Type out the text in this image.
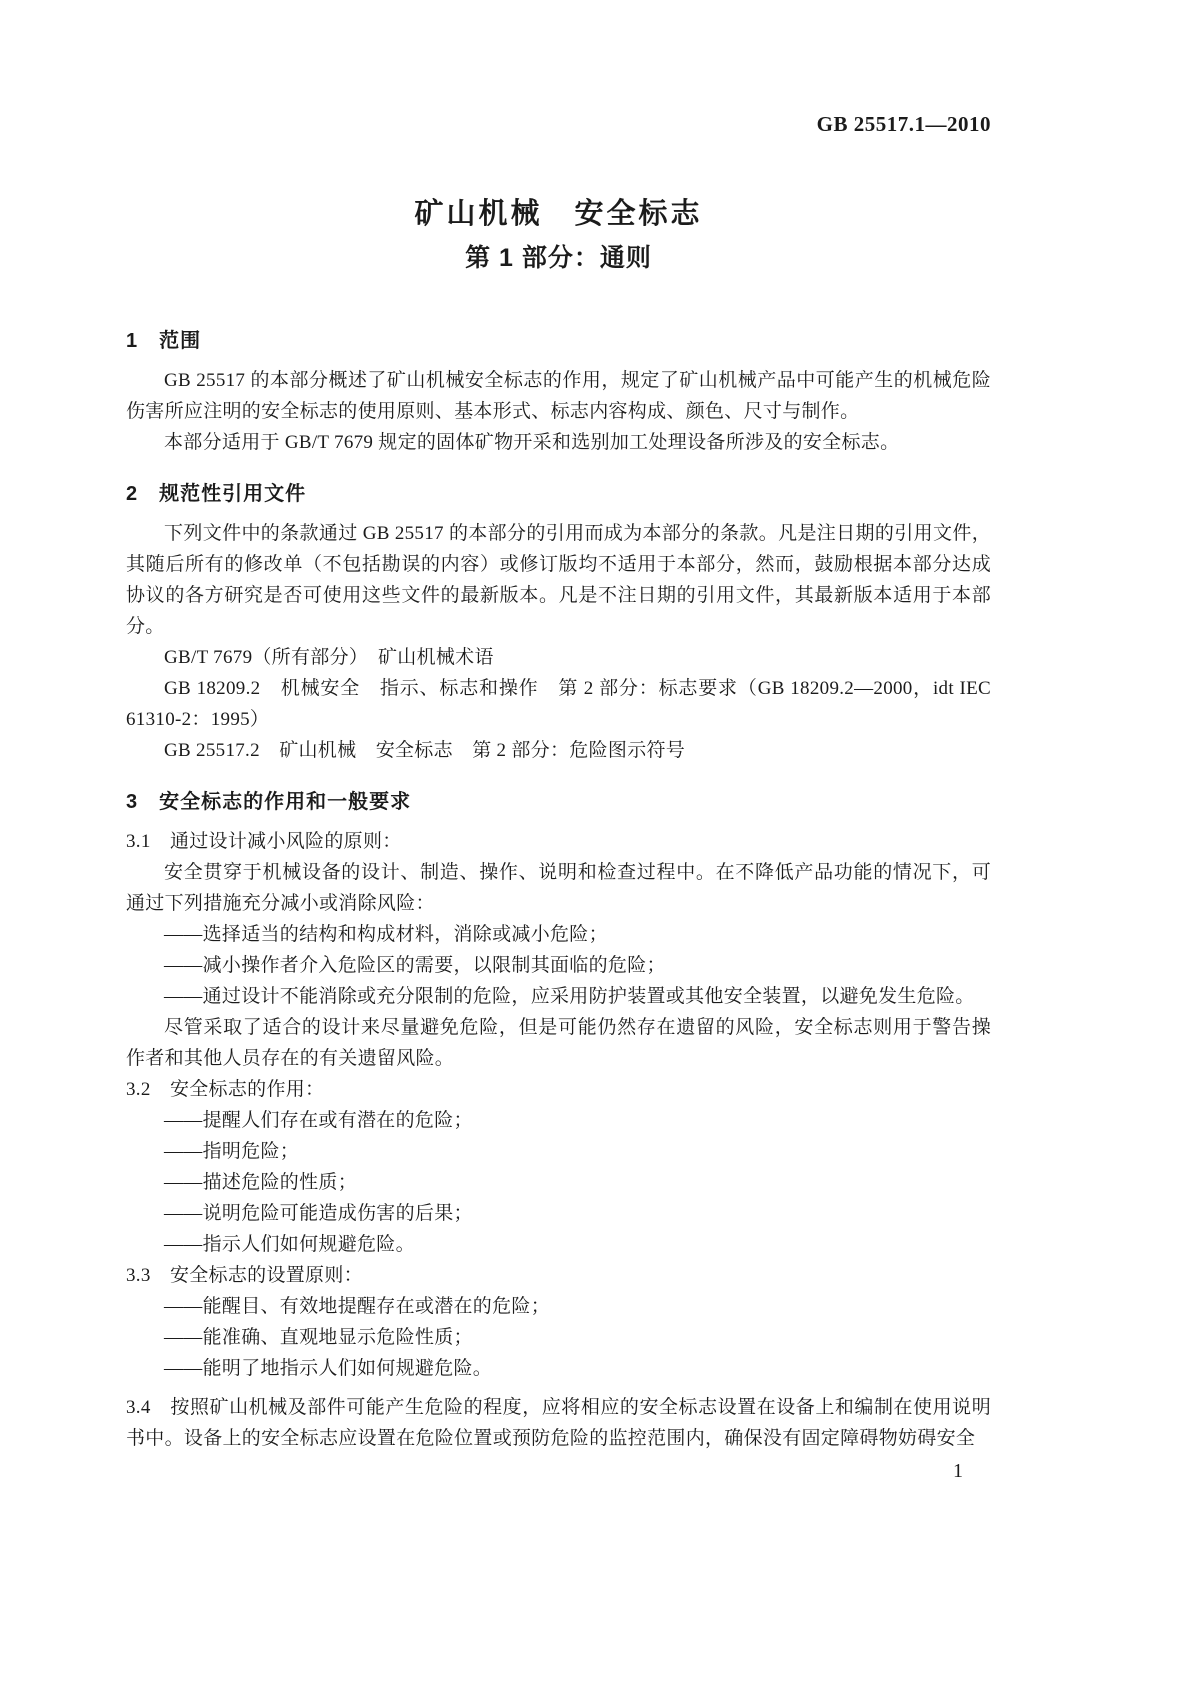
GB 25517.1—2010
矿山机械　安全标志
第 1 部分：通则
1　范围

GB 25517 的本部分概述了矿山机械安全标志的作用，规定了矿山机械产品中可能产生的机械危险伤害所应注明的安全标志的使用原则、基本形式、标志内容构成、颜色、尺寸与制作。

本部分适用于 GB/T 7679 规定的固体矿物开采和选别加工处理设备所涉及的安全标志。

2　规范性引用文件

下列文件中的条款通过 GB 25517 的本部分的引用而成为本部分的条款。凡是注日期的引用文件，其随后所有的修改单（不包括勘误的内容）或修订版均不适用于本部分，然而，鼓励根据本部分达成协议的各方研究是否可使用这些文件的最新版本。凡是不注日期的引用文件，其最新版本适用于本部分。

GB/T 7679（所有部分）　矿山机械术语

GB 18209.2　机械安全　指示、标志和操作　第 2 部分：标志要求（GB 18209.2—2000，idt IEC 61310-2：1995）

GB 25517.2　矿山机械　安全标志　第 2 部分：危险图示符号

3　安全标志的作用和一般要求

3.1　通过设计减小风险的原则：

安全贯穿于机械设备的设计、制造、操作、说明和检查过程中。在不降低产品功能的情况下，可通过下列措施充分减小或消除风险：

——选择适当的结构和构成材料，消除或减小危险；

——减小操作者介入危险区的需要，以限制其面临的危险；

——通过设计不能消除或充分限制的危险，应采用防护装置或其他安全装置，以避免发生危险。

尽管采取了适合的设计来尽量避免危险，但是可能仍然存在遗留的风险，安全标志则用于警告操作者和其他人员存在的有关遗留风险。

3.2　安全标志的作用：

——提醒人们存在或有潜在的危险；

——指明危险；

——描述危险的性质；

——说明危险可能造成伤害的后果；

——指示人们如何规避危险。

3.3　安全标志的设置原则：

——能醒目、有效地提醒存在或潜在的危险；

——能准确、直观地显示危险性质；

——能明了地指示人们如何规避危险。

3.4　按照矿山机械及部件可能产生危险的程度，应将相应的安全标志设置在设备上和编制在使用说明书中。设备上的安全标志应设置在危险位置或预防危险的监控范围内，确保没有固定障碍物妨碍安全

1
